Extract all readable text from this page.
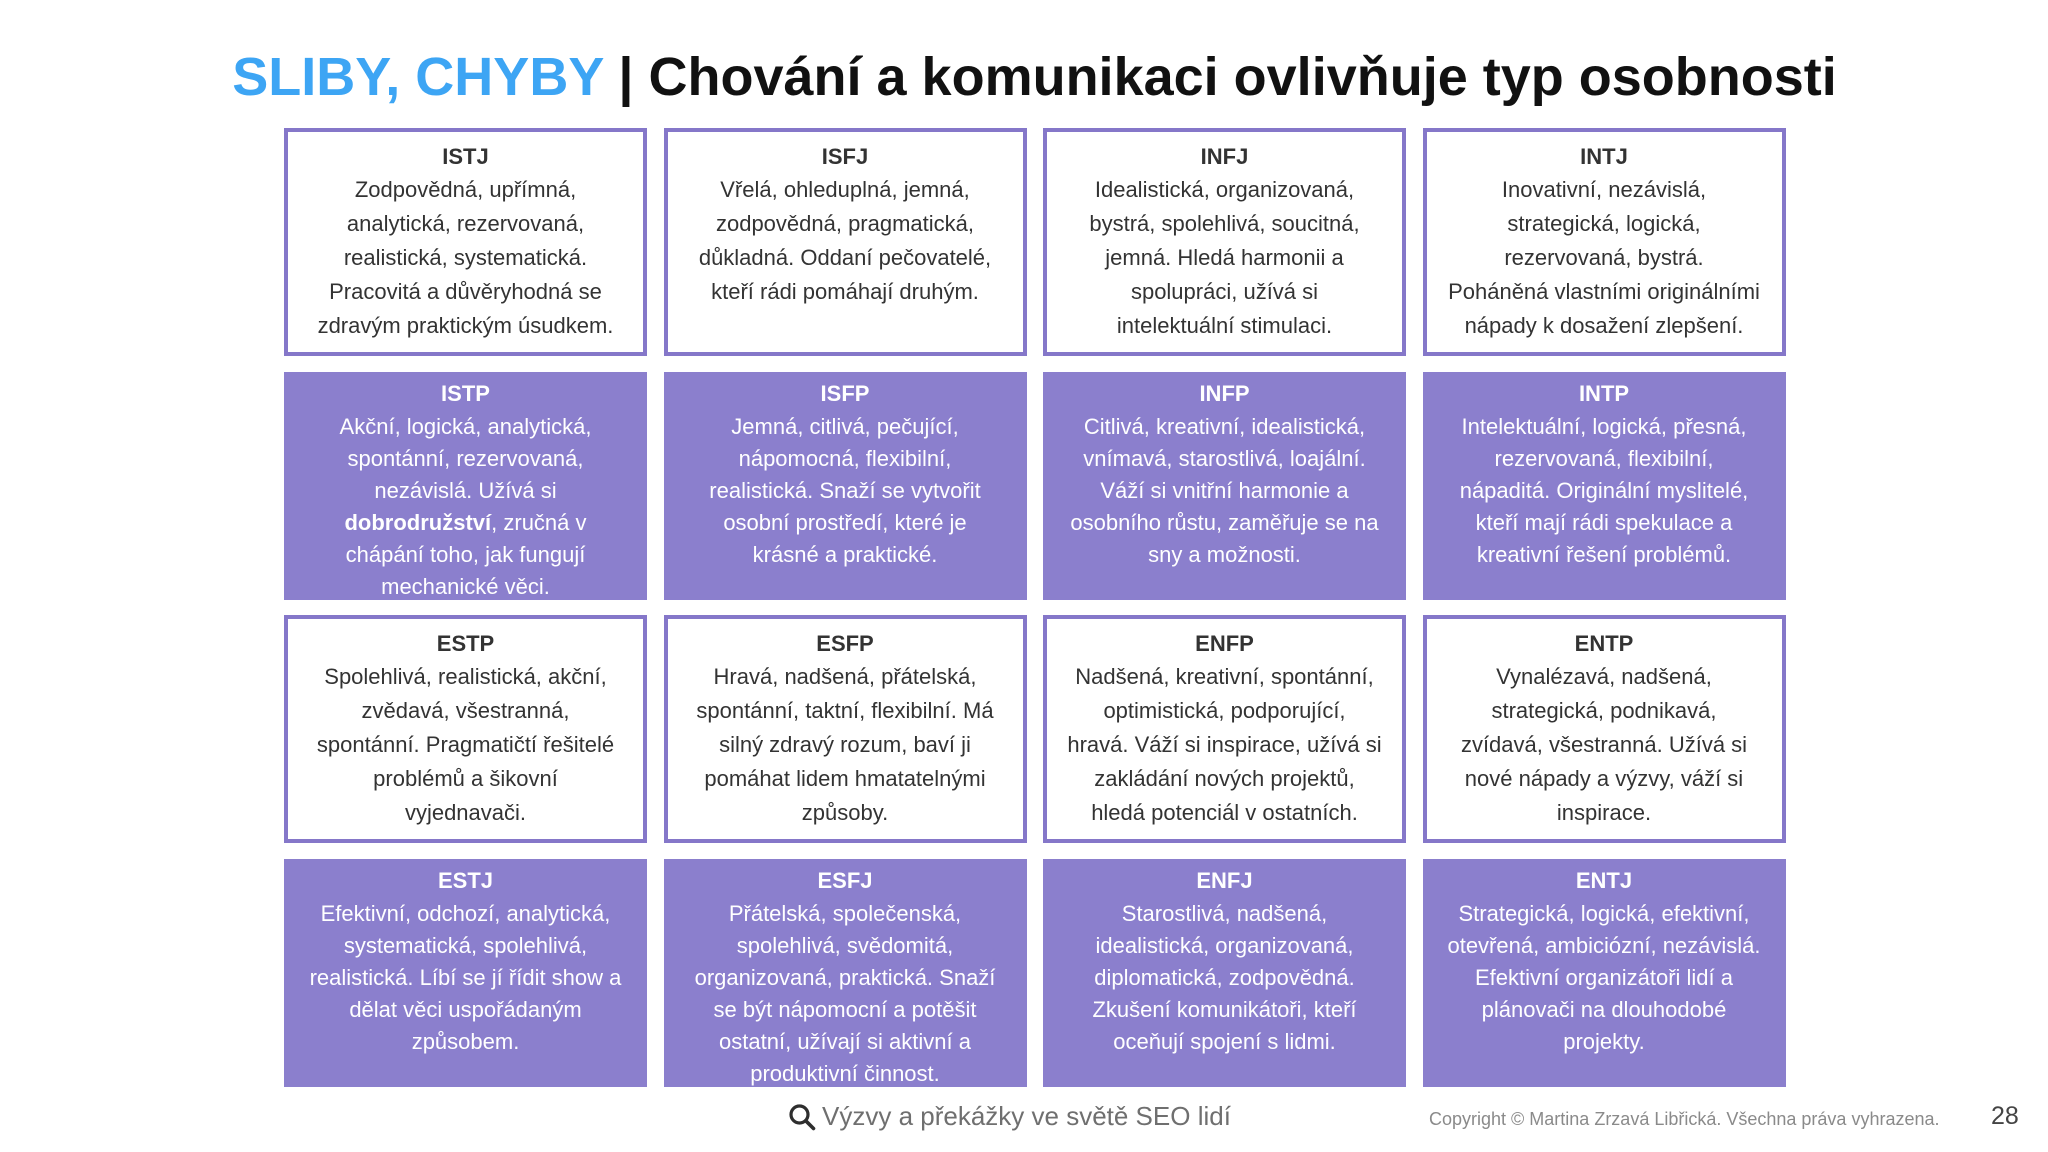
SLIBY, CHYBY | Chování a komunikaci ovlivňuje typ osobnosti
ISTJ
Zodpovědná, upřímná,
analytická, rezervovaná,
realistická, systematická.
Pracovitá a důvěryhodná se
zdravým praktickým úsudkem.
ISFJ
Vřelá, ohleduplná, jemná,
zodpovědná, pragmatická,
důkladná. Oddaní pečovatelé,
kteří rádi pomáhají druhým.
INFJ
Idealistická, organizovaná,
bystrá, spolehlivá, soucitná,
jemná. Hledá harmonii a
spolupráci, užívá si
intelektuální stimulaci.
INTJ
Inovativní, nezávislá,
strategická, logická,
rezervovaná, bystrá.
Poháněná vlastními originálními
nápady k dosažení zlepšení.
ISTP
Akční, logická, analytická,
spontánní, rezervovaná,
nezávislá. Užívá si
dobrodružství, zručná v
chápání toho, jak fungují
mechanické věci.
ISFP
Jemná, citlivá, pečující,
nápomocná, flexibilní,
realistická. Snaží se vytvořit
osobní prostředí, které je
krásné a praktické.
INFP
Citlivá, kreativní, idealistická,
vnímavá, starostlivá, loajální.
Váží si vnitřní harmonie a
osobního růstu, zaměřuje se na
sny a možnosti.
INTP
Intelektuální, logická, přesná,
rezervovaná, flexibilní,
nápaditá. Originální myslitelé,
kteří mají rádi spekulace a
kreativní řešení problémů.
ESTP
Spolehlivá, realistická, akční,
zvědavá, všestranná,
spontánní. Pragmatičtí řešitelé
problémů a šikovní
vyjednavači.
ESFP
Hravá, nadšená, přátelská,
spontánní, taktní, flexibilní. Má
silný zdravý rozum, baví ji
pomáhat lidem hmatatelnými
způsoby.
ENFP
Nadšená, kreativní, spontánní,
optimistická, podporující,
hravá. Váží si inspirace, užívá si
zakládání nových projektů,
hledá potenciál v ostatních.
ENTP
Vynalézavá, nadšená,
strategická, podnikavá,
zvídavá, všestranná. Užívá si
nové nápady a výzvy, váží si
inspirace.
ESTJ
Efektivní, odchozí, analytická,
systematická, spolehlivá,
realistická. Líbí se jí řídit show a
dělat věci uspořádaným
způsobem.
ESFJ
Přátelská, společenská,
spolehlivá, svědomitá,
organizovaná, praktická. Snaží
se být nápomocní a potěšit
ostatní, užívají si aktivní a
produktivní činnost.
ENFJ
Starostlivá, nadšená,
idealistická, organizovaná,
diplomatická, zodpovědná.
Zkušení komunikátoři, kteří
oceňují spojení s lidmi.
ENTJ
Strategická, logická, efektivní,
otevřená, ambiciózní, nezávislá.
Efektivní organizátoři lidí a
plánovači na dlouhodobé
projekty.
Výzvy a překážky ve světě SEO lidí	Copyright © Martina Zrzavá Libřická. Všechna práva vyhrazena. 28
